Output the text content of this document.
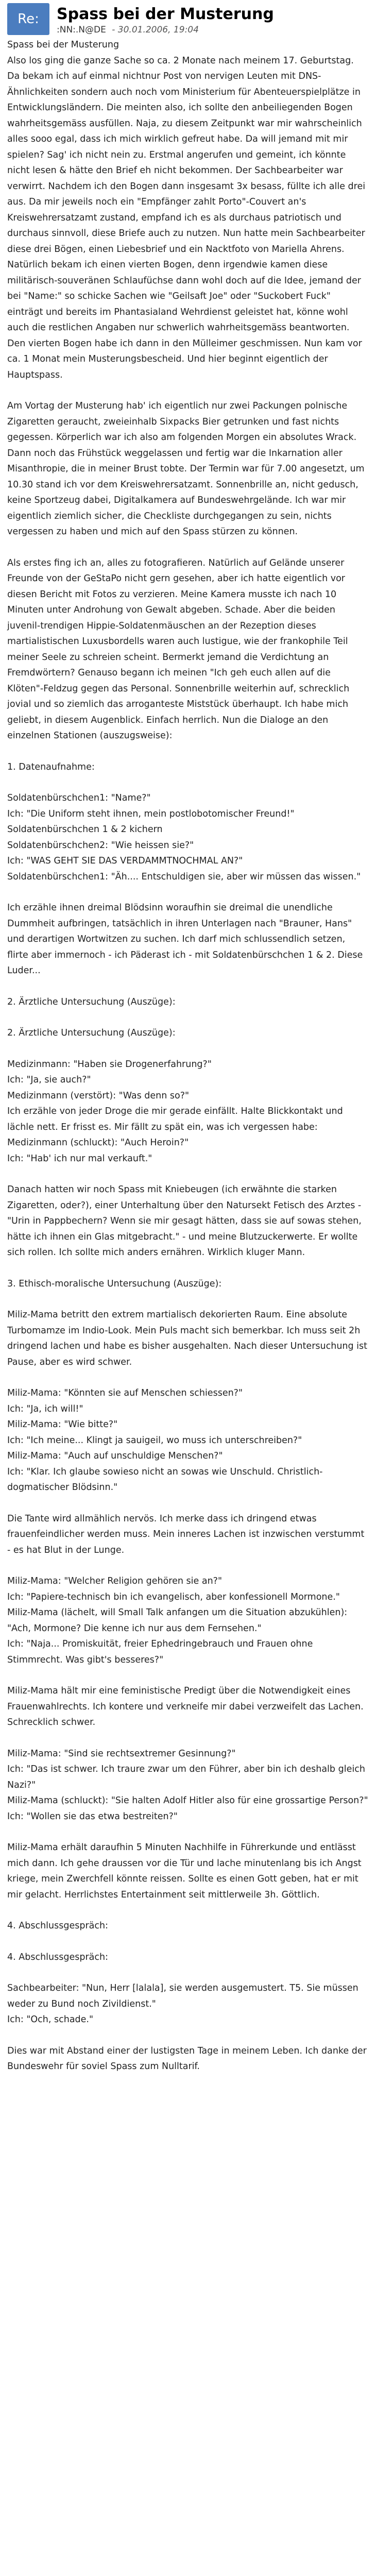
Re:	Spass bei der Musterung
:NN:.N@DE - 30.01.2006, 19:04

Spass bei der Musterung
Also los ging die ganze Sache so ca. 2 Monate nach meinem 17. Geburtstag. Da bekam ich auf einmal nichtnur Post von nervigen Leuten mit DNS-Ähnlichkeiten sondern auch noch vom Ministerium für Abenteuerspielplätze in Entwicklungsländern. Die meinten also, ich sollte den anbeiliegenden Bogen wahrheitsgemäss ausfüllen. Naja, zu diesem Zeitpunkt war mir wahrscheinlich alles sooo egal, dass ich mich wirklich gefreut habe. Da will jemand mit mir spielen? Sag' ich nicht nein zu. Erstmal angerufen und gemeint, ich könnte nicht lesen & hätte den Brief eh nicht bekommen. Der Sachbearbeiter war verwirrt. Nachdem ich den Bogen dann insgesamt 3x besass, füllte ich alle drei aus. Da mir jeweils noch ein "Empfänger zahlt Porto"-Couvert an's Kreiswehrersatzamt zustand, empfand ich es als durchaus patriotisch und durchaus sinnvoll, diese Briefe auch zu nutzen. Nun hatte mein Sachbearbeiter diese drei Bögen, einen Liebesbrief und ein Nacktfoto von Mariella Ahrens. Natürlich bekam ich einen vierten Bogen, denn irgendwie kamen diese militärisch-souveränen Schlaufüchse dann wohl doch auf die Idee, jemand der bei "Name:" so schicke Sachen wie "Geilsaft Joe" oder "Suckobert Fuck" einträgt und bereits im Phantasialand Wehrdienst geleistet hat, könne wohl auch die restlichen Angaben nur schwerlich wahrheitsgemäss beantworten. Den vierten Bogen habe ich dann in den Mülleimer geschmissen. Nun kam vor ca. 1 Monat mein Musterungsbescheid. Und hier beginnt eigentlich der Hauptspass.

Am Vortag der Musterung hab' ich eigentlich nur zwei Packungen polnische Zigaretten geraucht, zweieinhalb Sixpacks Bier getrunken und fast nichts gegessen. Körperlich war ich also am folgenden Morgen ein absolutes Wrack. Dann noch das Frühstück weggelassen und fertig war die Inkarnation aller Misanthropie, die in meiner Brust tobte. Der Termin war für 7.00 angesetzt, um 10.30 stand ich vor dem Kreiswehrersatzamt. Sonnenbrille an, nicht gedusch, keine Sportzeug dabei, Digitalkamera auf Bundeswehrgelände. Ich war mir eigentlich ziemlich sicher, die Checkliste durchgegangen zu sein, nichts vergessen zu haben und mich auf den Spass stürzen zu können.

Als erstes fing ich an, alles zu fotografieren. Natürlich auf Gelände unserer Freunde von der GeStaPo nicht gern gesehen, aber ich hatte eigentlich vor diesen Bericht mit Fotos zu verzieren. Meine Kamera musste ich nach 10 Minuten unter Androhung von Gewalt abgeben. Schade. Aber die beiden juvenil-trendigen Hippie-Soldatenmäuschen an der Rezeption dieses martialistischen Luxusbordells waren auch lustigue, wie der frankophile Teil meiner Seele zu schreien scheint. Bermerkt jemand die Verdichtung an Fremdwörtern? Genauso begann ich meinen "Ich geh euch allen auf die Klöten"-Feldzug gegen das Personal. Sonnenbrille weiterhin auf, schrecklich jovial und so ziemlich das arroganteste Miststück überhaupt. Ich habe mich geliebt, in diesem Augenblick. Einfach herrlich. Nun die Dialoge an den einzelnen Stationen (auszugsweise):

1. Datenaufnahme:

Soldatenbürschchen1: "Name?"
Ich: "Die Uniform steht ihnen, mein postlobotomischer Freund!"
Soldatenbürschchen 1 & 2 kichern
Soldatenbürschchen2: "Wie heissen sie?"
Ich: "WAS GEHT SIE DAS VERDAMMTNOCHMAL AN?"
Soldatenbürschchen1: "Äh.... Entschuldigen sie, aber wir müssen das wissen."

Ich erzähle ihnen dreimal Blödsinn woraufhin sie dreimal die unendliche Dummheit aufbringen, tatsächlich in ihren Unterlagen nach "Brauner, Hans" und derartigen Wortwitzen zu suchen. Ich darf mich schlussendlich setzen, flirte aber immernoch - ich Päderast ich - mit Soldatenbürschchen 1 & 2. Diese Luder...

2. Ärztliche Untersuchung (Auszüge):

2. Ärztliche Untersuchung (Auszüge):

Medizinmann: "Haben sie Drogenerfahrung?"
Ich: "Ja, sie auch?"
Medizinmann (verstört): "Was denn so?"
Ich erzähle von jeder Droge die mir gerade einfällt. Halte Blickkontakt und lächle nett. Er frisst es. Mir fällt zu spät ein, was ich vergessen habe:
Medizinmann (schluckt): "Auch Heroin?"
Ich: "Hab' ich nur mal verkauft."

Danach hatten wir noch Spass mit Kniebeugen (ich erwähnte die starken Zigaretten, oder?), einer Unterhaltung über den Natursekt Fetisch des Arztes - "Urin in Pappbechern? Wenn sie mir gesagt hätten, dass sie auf sowas stehen, hätte ich ihnen ein Glas mitgebracht." - und meine Blutzuckerwerte. Er wollte sich rollen. Ich sollte mich anders ernähren. Wirklich kluger Mann.

3. Ethisch-moralische Untersuchung (Auszüge):

Miliz-Mama betritt den extrem martialisch dekorierten Raum. Eine absolute Turbomamze im Indio-Look. Mein Puls macht sich bemerkbar. Ich muss seit 2h dringend lachen und habe es bisher ausgehalten. Nach dieser Untersuchung ist Pause, aber es wird schwer.

Miliz-Mama: "Könnten sie auf Menschen schiessen?"
Ich: "Ja, ich will!"
Miliz-Mama: "Wie bitte?"
Ich: "Ich meine... Klingt ja sauigeil, wo muss ich unterschreiben?"
Miliz-Mama: "Auch auf unschuldige Menschen?"
Ich: "Klar. Ich glaube sowieso nicht an sowas wie Unschuld. Christlich-dogmatischer Blödsinn."

Die Tante wird allmählich nervös. Ich merke dass ich dringend etwas frauenfeindlicher werden muss. Mein inneres Lachen ist inzwischen verstummt - es hat Blut in der Lunge.

Miliz-Mama: "Welcher Religion gehören sie an?"
Ich: "Papiere-technisch bin ich evangelisch, aber konfessionell Mormone."
Miliz-Mama (lächelt, will Small Talk anfangen um die Situation abzukühlen): "Ach, Mormone? Die kenne ich nur aus dem Fernsehen."
Ich: "Naja... Promiskuität, freier Ephedringebrauch und Frauen ohne Stimmrecht. Was gibt's besseres?"

Miliz-Mama hält mir eine feministische Predigt über die Notwendigkeit eines Frauenwahlrechts. Ich kontere und verkneife mir dabei verzweifelt das Lachen. Schrecklich schwer.

Miliz-Mama: "Sind sie rechtsextremer Gesinnung?"
Ich: "Das ist schwer. Ich traure zwar um den Führer, aber bin ich deshalb gleich Nazi?"
Miliz-Mama (schluckt): "Sie halten Adolf Hitler also für eine grossartige Person?"
Ich: "Wollen sie das etwa bestreiten?"

Miliz-Mama erhält daraufhin 5 Minuten Nachhilfe in Führerkunde und entlässt mich dann. Ich gehe draussen vor die Tür und lache minutenlang bis ich Angst kriege, mein Zwerchfell könnte reissen. Sollte es einen Gott geben, hat er mit mir gelacht. Herrlichstes Entertainment seit mittlerweile 3h. Göttlich.

4. Abschlussgespräch:

4. Abschlussgespräch:

Sachbearbeiter: "Nun, Herr [lalala], sie werden ausgemustert. T5. Sie müssen weder zu Bund noch Zivildienst."
Ich: "Och, schade."

Dies war mit Abstand einer der lustigsten Tage in meinem Leben. Ich danke der Bundeswehr für soviel Spass zum Nulltarif.
